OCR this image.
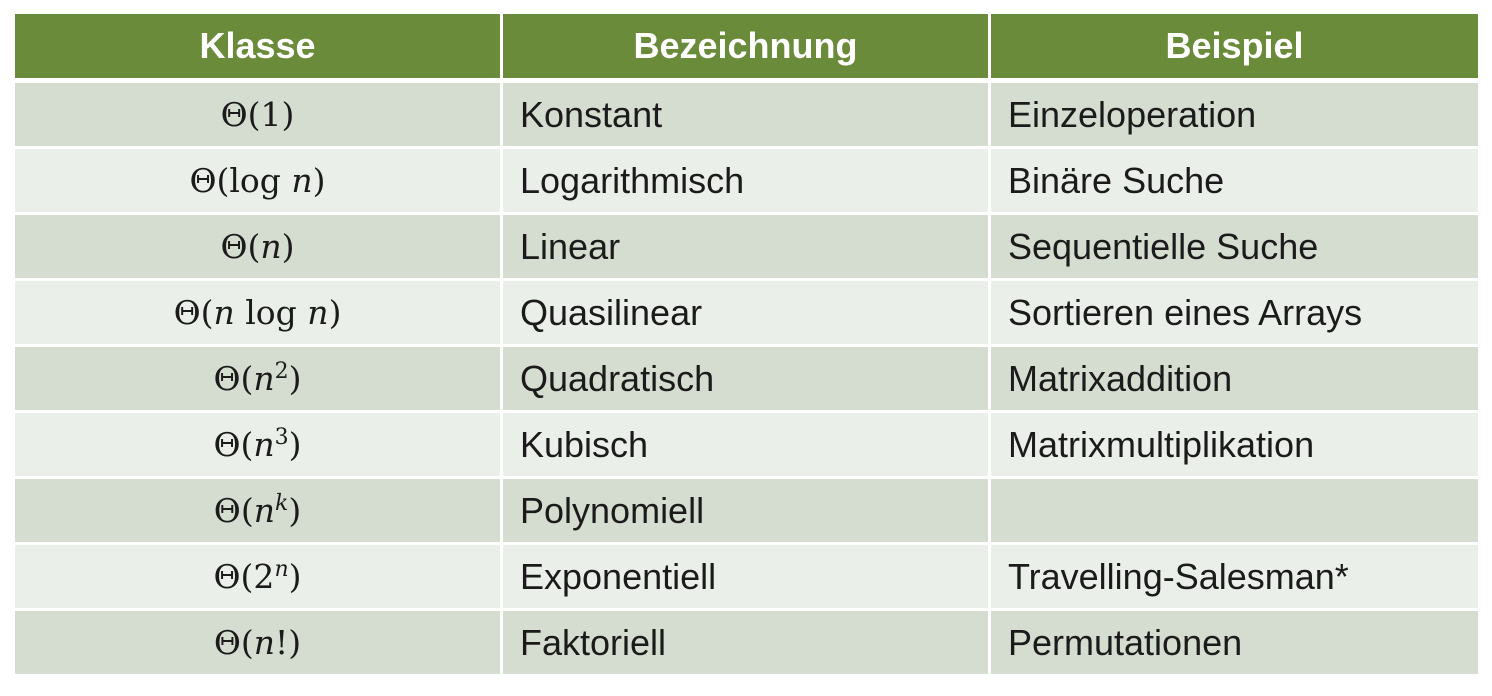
Klasse	Bezeichnung	Beispiel
Θ(1)	Konstant	Einzeloperation
Θ(log n)	Logarithmisch	Binäre Suche
Θ(n)	Linear	Sequentielle Suche
Θ(n log n)	Quasilinear	Sortieren eines Arrays
$\Theta(n^2)$	Quadratisch	Matrixaddition
$\Theta(n^3)$	Kubisch	Matrixmultiplikation
$\Theta(n^k)$	Polynomiell	
Θ(2$^n$)	Exponentiell	Travelling-Salesman*
Θ(n!)	Faktoriell	Permutationen
